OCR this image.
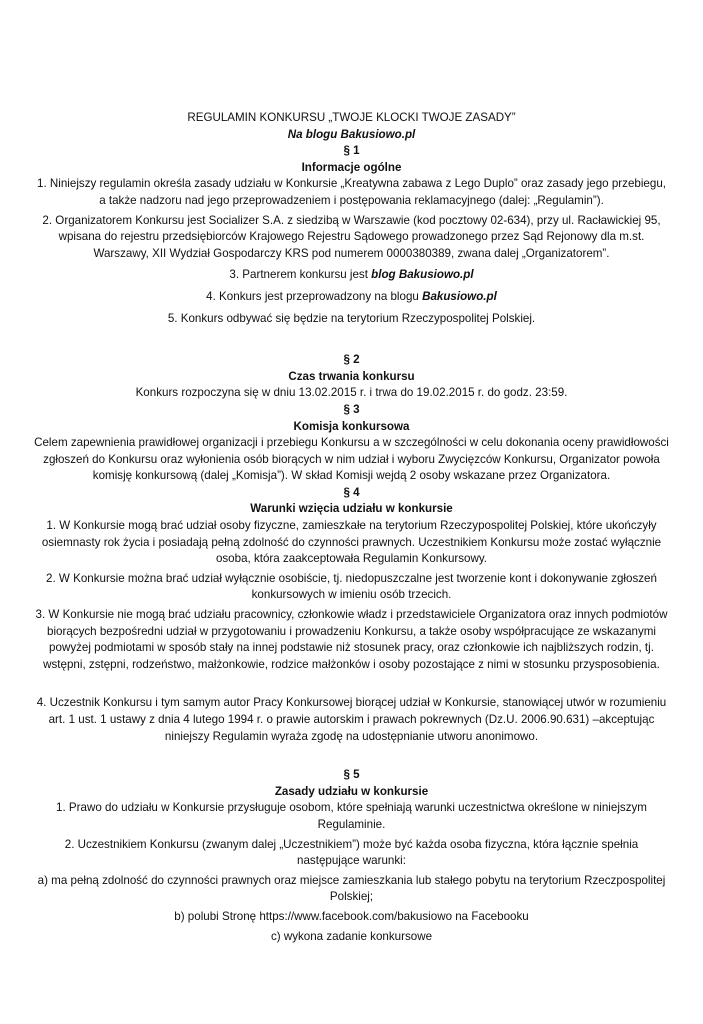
REGULAMIN KONKURSU „TWOJE KLOCKI TWOJE ZASADY”

Na blogu Bakusiowo.pl

§ 1

Informacje ogólne

1. Niniejszy regulamin określa zasady udziału w Konkursie „Kreatywna zabawa z Lego Duplo” oraz zasady jego przebiegu, a także nadzoru nad jego przeprowadzeniem i postępowania reklamacyjnego (dalej: „Regulamin”).

2. Organizatorem Konkursu jest Socializer S.A. z siedzibą w Warszawie (kod pocztowy 02-634), przy ul. Racławickiej 95, wpisana do rejestru przedsiębiorców Krajowego Rejestru Sądowego prowadzonego przez Sąd Rejonowy dla m.st. Warszawy, XII Wydział Gospodarczy KRS pod numerem 0000380389, zwana dalej „Organizatorem”.

3. Partnerem konkursu jest blog Bakusiowo.pl

4. Konkurs jest przeprowadzony na blogu Bakusiowo.pl

5. Konkurs odbywać się będzie na terytorium Rzeczypospolitej Polskiej.

§ 2

Czas trwania konkursu

Konkurs rozpoczyna się w dniu 13.02.2015 r. i trwa do 19.02.2015 r. do godz. 23:59.

§ 3

Komisja konkursowa

Celem zapewnienia prawidłowej organizacji i przebiegu Konkursu a w szczególności w celu dokonania oceny prawidłowości zgłoszeń do Konkursu oraz wyłonienia osób biorących w nim udział i wyboru Zwycięzców Konkursu, Organizator powoła komisję konkursową (dalej „Komisja”). W skład Komisji wejdą 2 osoby wskazane przez Organizatora.

§ 4

Warunki wzięcia udziału w konkursie

1. W Konkursie mogą brać udział osoby fizyczne, zamieszkałe na terytorium Rzeczypospolitej Polskiej, które ukończyły osiemnasty rok życia i posiadają pełną zdolność do czynności prawnych. Uczestnikiem Konkursu może zostać wyłącznie osoba, która zaakceptowała Regulamin Konkursowy.

2. W Konkursie można brać udział wyłącznie osobiście, tj. niedopuszczalne jest tworzenie kont i dokonywanie zgłoszeń konkursowych w imieniu osób trzecich.

3. W Konkursie nie mogą brać udziału pracownicy, członkowie władz i przedstawiciele Organizatora oraz innych podmiotów biorących bezpośredni udział w przygotowaniu i prowadzeniu Konkursu, a także osoby współpracujące ze wskazanymi powyżej podmiotami w sposób stały na innej podstawie niż stosunek pracy, oraz członkowie ich najbliższych rodzin, tj. wstępni, zstępni, rodzeństwo, małżonkowie, rodzice małżonków i osoby pozostające z nimi w stosunku przysposobienia.

4. Uczestnik Konkursu i tym samym autor Pracy Konkursowej biorącej udział w Konkursie, stanowiącej utwór w rozumieniu art. 1 ust. 1 ustawy z dnia 4 lutego 1994 r. o prawie autorskim i prawach pokrewnych (Dz.U. 2006.90.631) –akceptując niniejszy Regulamin wyraża zgodę na udostępnianie utworu anonimowo.

§ 5

Zasady udziału w konkursie

1. Prawo do udziału w Konkursie przysługuje osobom, które spełniają warunki uczestnictwa określone w niniejszym Regulaminie.

2. Uczestnikiem Konkursu (zwanym dalej „Uczestnikiem”) może być każda osoba fizyczna, która łącznie spełnia następujące warunki:

a) ma pełną zdolność do czynności prawnych oraz miejsce zamieszkania lub stałego pobytu na terytorium Rzeczpospolitej Polskiej;

b) polubi Stronę https://www.facebook.com/bakusiowo na Facebooku

c) wykona zadanie konkursowe
